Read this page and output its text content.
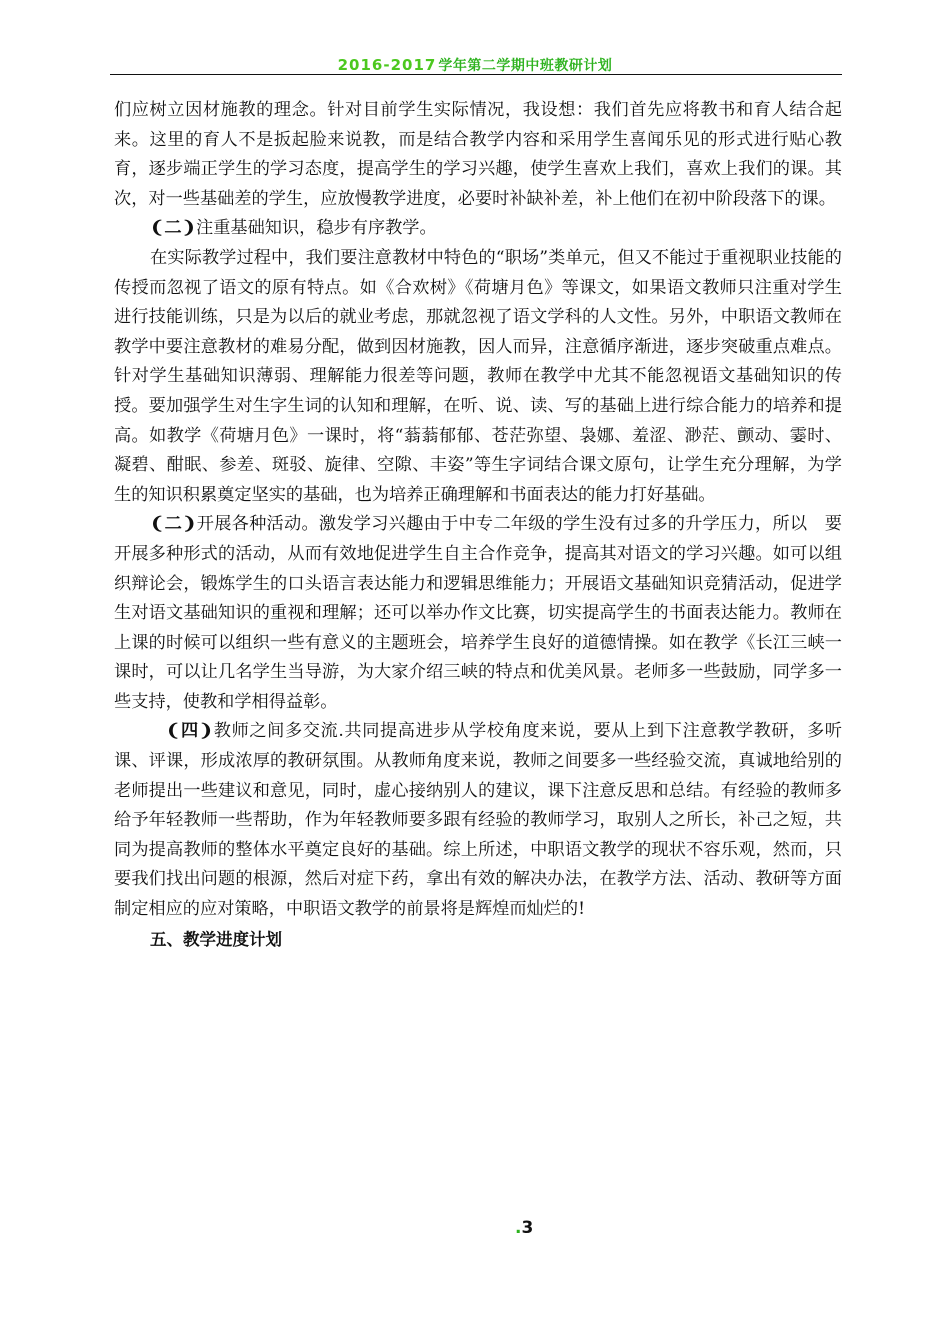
2016-2017 学年第二学期中班教研计划

们应树立因材施教的理念。针对目前学生实际情况，我设想：我们首先应将教书和育人结合起来。这里的育人不是扳起脸来说教，而是结合教学内容和采用学生喜闻乐见的形式进行贴心教育，逐步端正学生的学习态度，提高学生的学习兴趣，使学生喜欢上我们，喜欢上我们的课。其次，对一些基础差的学生，应放慢教学进度，必要时补缺补差，补上他们在初中阶段落下的课。

❨二❩注重基础知识，稳步有序教学。

在实际教学过程中，我们要注意教材中特色的“职场”类单元，但又不能过于重视职业技能的传授而忽视了语文的原有特点。如《合欢树》《荷塘月色》等课文，如果语文教师只注重对学生进行技能训练，只是为以后的就业考虑，那就忽视了语文学科的人文性。另外，中职语文教师在教学中要注意教材的难易分配，做到因材施教，因人而异，注意循序渐进，逐步突破重点难点。针对学生基础知识薄弱、理解能力很差等问题，教师在教学中尤其不能忽视语文基础知识的传授。要加强学生对生字生词的认知和理解，在听、说、读、写的基础上进行综合能力的培养和提高。如教学《荷塘月色》一课时，将“蓊蓊郁郁、苍茫弥望、袅娜、羞涩、渺茫、颤动、霎时、凝碧、酣眠、参差、斑驳、旋律、空隙、丰姿”等生字词结合课文原句，让学生充分理解，为学生的知识积累奠定坚实的基础，也为培养正确理解和书面表达的能力打好基础。

❨二❩开展各种活动。激发学习兴趣由于中专二年级的学生没有过多的升学压力，所以　要开展多种形式的活动，从而有效地促进学生自主合作竞争，提高其对语文的学习兴趣。如可以组织辩论会，锻炼学生的口头语言表达能力和逻辑思维能力；开展语文基础知识竞猜活动，促进学生对语文基础知识的重视和理解；还可以举办作文比赛，切实提高学生的书面表达能力。教师在上课的时候可以组织一些有意义的主题班会，培养学生良好的道德情操。如在教学《长江三峡一课时，可以让几名学生当导游，为大家介绍三峡的特点和优美风景。老师多一些鼓励，同学多一些支持，使教和学相得益彰。

❨四❩教师之间多交流.共同提高进步从学校角度来说，要从上到下注意教学教研，多听课、评课，形成浓厚的教研氛围。从教师角度来说，教师之间要多一些经验交流，真诚地给别的老师提出一些建议和意见，同时，虚心接纳别人的建议，课下注意反思和总结。有经验的教师多给予年轻教师一些帮助，作为年轻教师要多跟有经验的教师学习，取别人之所长，补己之短，共同为提高教师的整体水平奠定良好的基础。综上所述，中职语文教学的现状不容乐观，然而，只要我们找出问题的根源，然后对症下药，拿出有效的解决办法，在教学方法、活动、教研等方面制定相应的应对策略，中职语文教学的前景将是辉煌而灿烂的!

五、教学进度计划

.3
